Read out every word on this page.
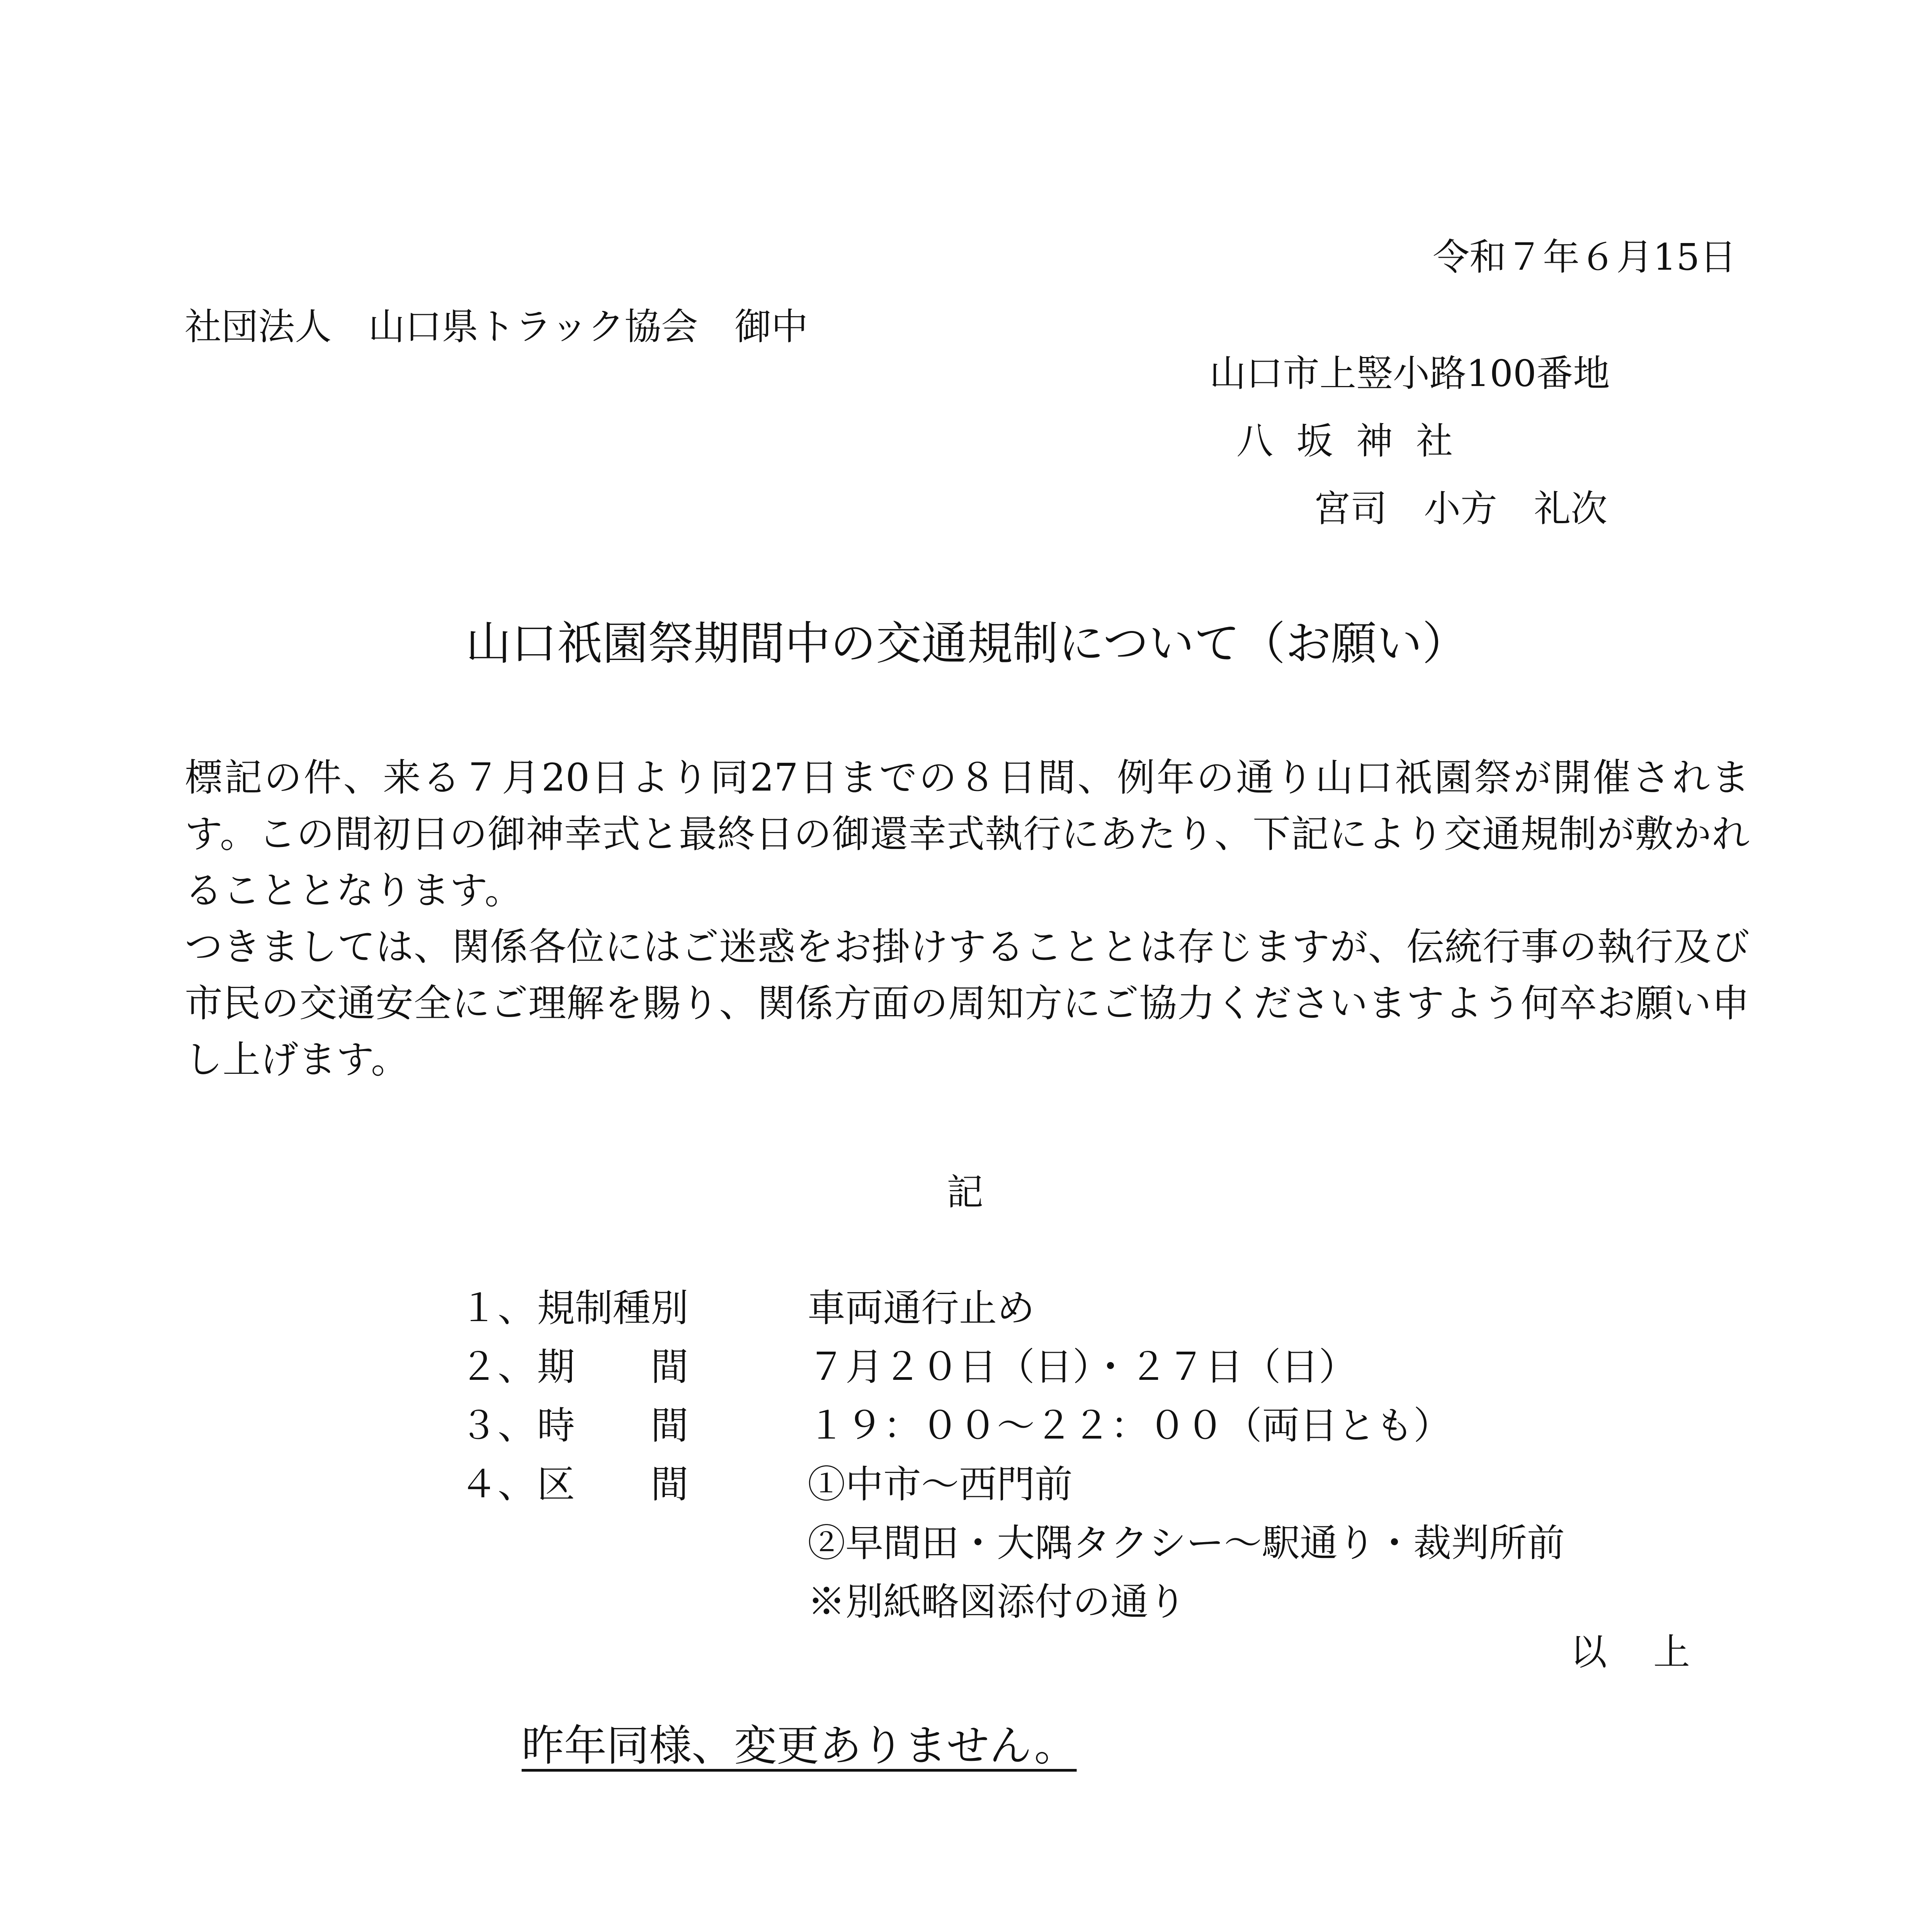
令和７年６月15日

社団法人　山口県トラック協会　御中

山口市上竪小路100番地
八坂神社
宮司　小方　礼次

山口祇園祭期間中の交通規制について（お願い）

標記の件、来る７月20日より同27日までの８日間、例年の通り山口祇園祭が開催されます。この間初日の御神幸式と最終日の御還幸式執行にあたり、下記により交通規制が敷かれることとなります。

つきましては、関係各位にはご迷惑をお掛けすることとは存じますが、伝統行事の執行及び市民の交通安全にご理解を賜り、関係方面の周知方にご協力くださいますよう何卒お願い申し上げます。

記

１、 規制種別	車両通行止め
２、 期　　間	７月２０日（日）・２７日（日）
３、 時　　間	１９：００～２２：００（両日とも）
４、 区　　間	①中市～西門前
②早間田・大隅タクシー～駅通り・裁判所前
※別紙略図添付の通り

以上

昨年同様、変更ありません。
